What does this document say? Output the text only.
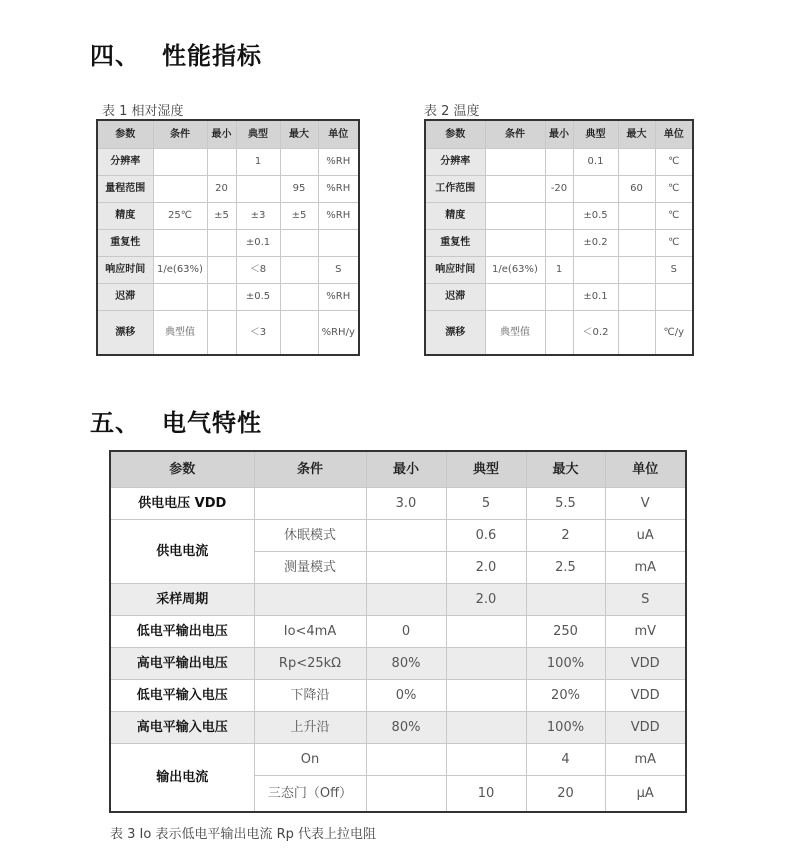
四、 性能指标
表 1 相对湿度
参数	条件	最小	典型	最大	单位
分辨率			1		%RH
量程范围		20		95	%RH
精度	25℃	±5	±3	±5	%RH
重复性			±0.1		
响应时间	1/e(63%)		＜8		S
迟滞			±0.5		%RH
漂移	典型值		＜3		%RH/y
表 2 温度
参数	条件	最小	典型	最大	单位
分辨率			0.1		℃
工作范围		-20		60	℃
精度			±0.5		℃
重复性			±0.2		℃
响应时间	1/e(63%)	1			S
迟滞			±0.1		
漂移	典型值		＜0.2		℃/y
五、 电气特性
参数	条件	最小	典型	最大	单位
供电电压 VDD		3.0	5	5.5	V
供电电流	休眠模式		0.6	2	uA
	测量模式		2.0	2.5	mA
采样周期			2.0		S
低电平输出电压	Io<4mA	0		250	mV
高电平输出电压	Rp<25kΩ	80%		100%	VDD
低电平输入电压	下降沿	0%		20%	VDD
高电平输入电压	上升沿	80%		100%	VDD
输出电流	On			4	mA
	三态门（Off）		10	20	μA
表 3 Io 表示低电平输出电流 Rp 代表上拉电阻
